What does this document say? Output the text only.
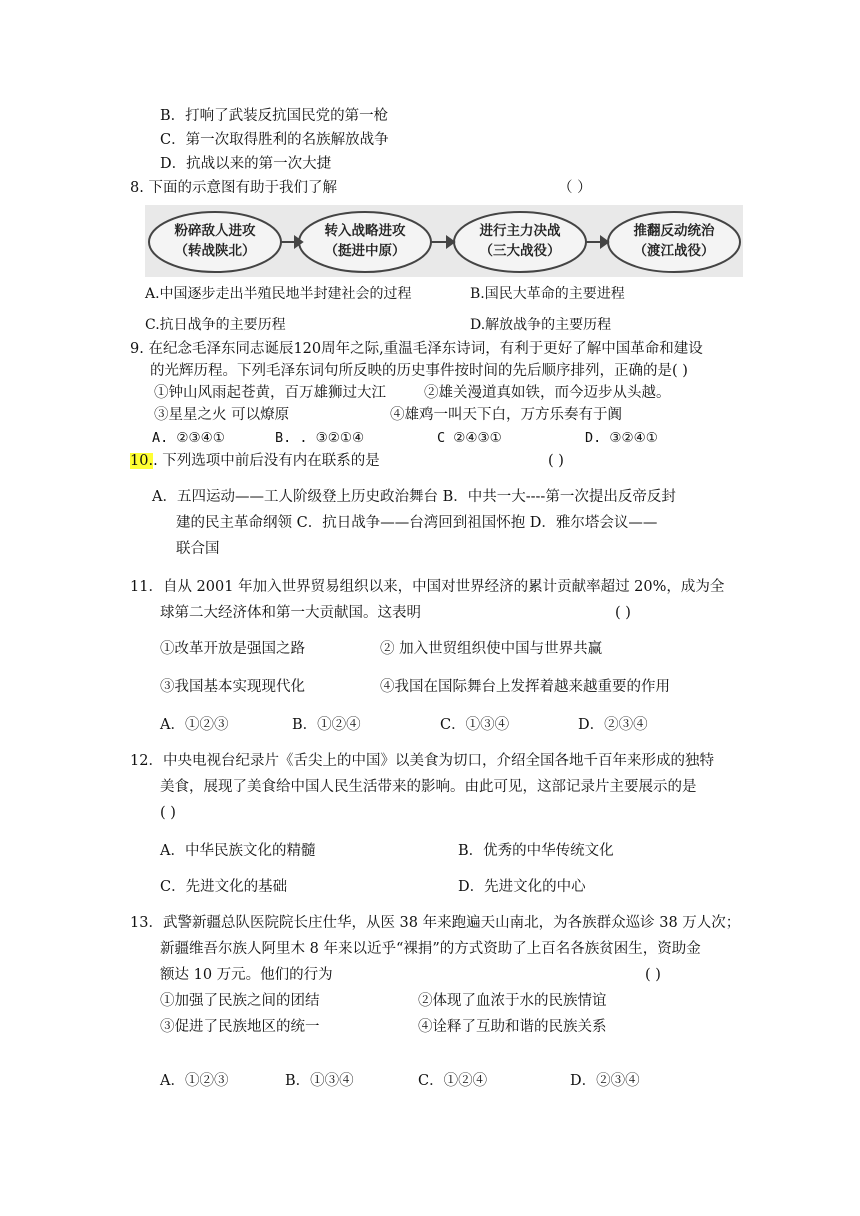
B．打响了武装反抗国民党的第一枪
C．第一次取得胜利的名族解放战争
D．抗战以来的第一次大捷
8. 下面的示意图有助于我们了解	（ ）
粉碎敌人进攻
（转战陕北）
转入战略进攻
（挺进中原）
进行主力决战
（三大战役）
推翻反动统治
（渡江战役）
A.中国逐步走出半殖民地半封建社会的过程	B.国民大革命的主要进程
C.抗日战争的主要历程	D.解放战争的主要历程
9. 在纪念毛泽东同志诞辰120周年之际,重温毛泽东诗词，有利于更好了解中国革命和建设
的光辉历程。下列毛泽东词句所反映的历史事件按时间的先后顺序排列，正确的是( )
①钟山风雨起苍黄，百万雄狮过大江	②雄关漫道真如铁，而今迈步从头越。
③星星之火 可以燎原	④雄鸡一叫天下白，万方乐奏有于阗
A. ②③④①	B. . ③②①④	C ②④③①	D. ③②④①
10.. 下列选项中前后没有内在联系的是	( )
A．五四运动——工人阶级登上历史政治舞台 B．中共一大----第一次提出反帝反封
建的民主革命纲领 C．抗日战争——台湾回到祖国怀抱 D．雅尔塔会议——
联合国
11．自从 2001 年加入世界贸易组织以来，中国对世界经济的累计贡献率超过 20%，成为全
球第二大经济体和第一大贡献国。这表明	( )
①改革开放是强国之路	② 加入世贸组织使中国与世界共赢
③我国基本实现现代化	④我国在国际舞台上发挥着越来越重要的作用
A．①②③	B．①②④	C．①③④	D．②③④
12．中央电视台纪录片《舌尖上的中国》以美食为切口，介绍全国各地千百年来形成的独特
美食，展现了美食给中国人民生活带来的影响。由此可见，这部记录片主要展示的是
( )
A．中华民族文化的精髓	B．优秀的中华传统文化
C．先进文化的基础	D．先进文化的中心
13．武警新疆总队医院院长庄仕华，从医 38 年来跑遍天山南北，为各族群众巡诊 38 万人次；
新疆维吾尔族人阿里木 8 年来以近乎“裸捐”的方式资助了上百名各族贫困生，资助金
额达 10 万元。他们的行为	( )
①加强了民族之间的团结	②体现了血浓于水的民族情谊
③促进了民族地区的统一	④诠释了互助和谐的民族关系
A．①②③	B．①③④	C．①②④	D．②③④
